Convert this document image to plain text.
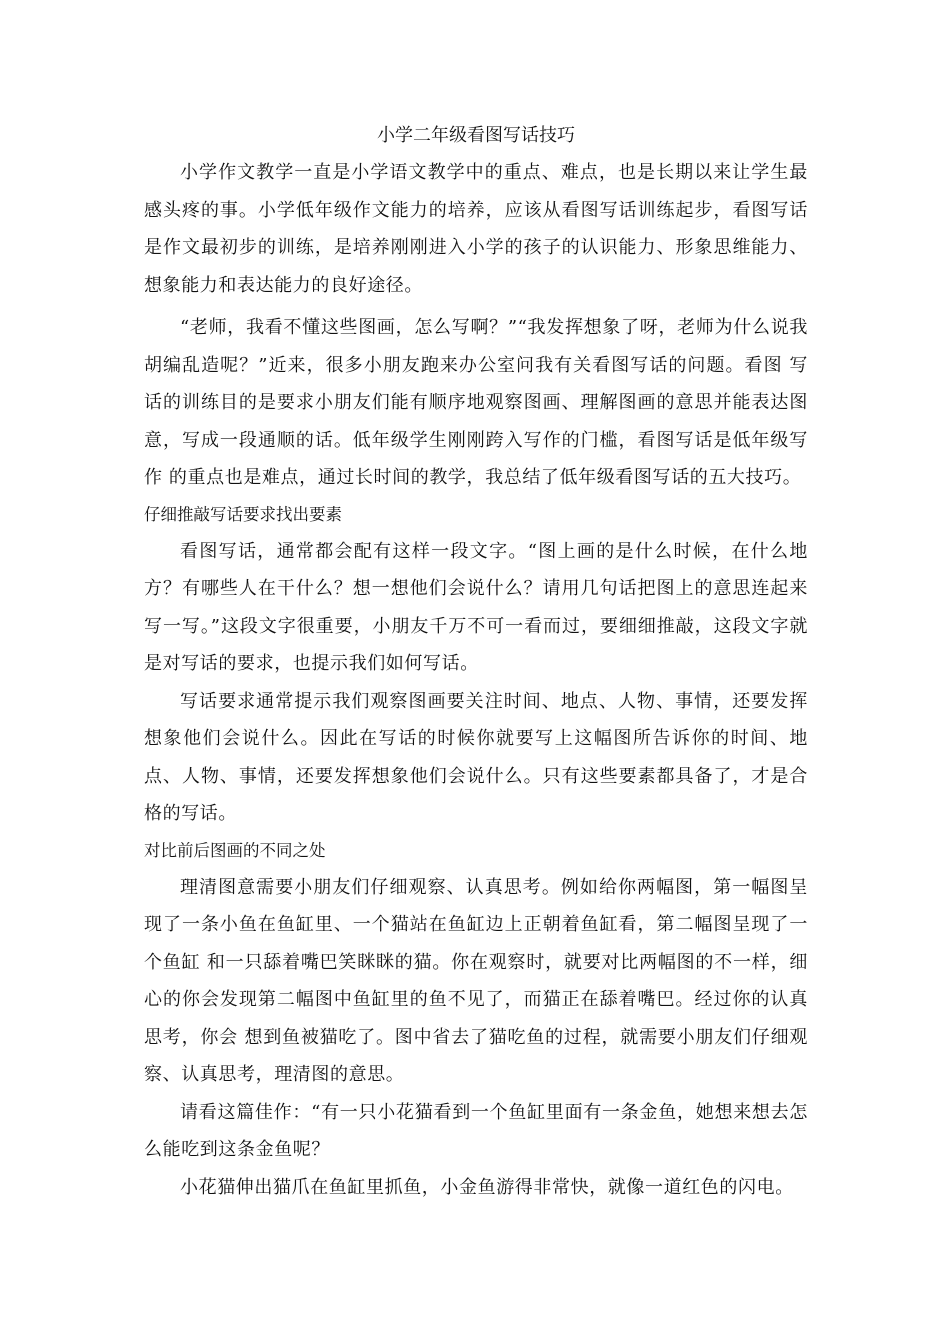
小学二年级看图写话技巧

小学作文教学一直是小学语文教学中的重点、难点，也是长期以来让学生最感头疼的事。小学低年级作文能力的培养，应该从看图写话训练起步，看图写话是作文最初步的训练，是培养刚刚进入小学的孩子的认识能力、形象思维能力、想象能力和表达能力的良好途径。

“老师，我看不懂这些图画，怎么写啊？”“我发挥想象了呀，老师为什么说我胡编乱造呢？”近来，很多小朋友跑来办公室问我有关看图写话的问题。看图 写话的训练目的是要求小朋友们能有顺序地观察图画、理解图画的意思并能表达图意，写成一段通顺的话。低年级学生刚刚跨入写作的门槛，看图写话是低年级写作 的重点也是难点，通过长时间的教学，我总结了低年级看图写话的五大技巧。

仔细推敲写话要求找出要素

看图写话，通常都会配有这样一段文字。“图上画的是什么时候，在什么地方？有哪些人在干什么？想一想他们会说什么？请用几句话把图上的意思连起来写一写。”这段文字很重要，小朋友千万不可一看而过，要细细推敲，这段文字就是对写话的要求，也提示我们如何写话。

写话要求通常提示我们观察图画要关注时间、地点、人物、事情，还要发挥想象他们会说什么。因此在写话的时候你就要写上这幅图所告诉你的时间、地点、人物、事情，还要发挥想象他们会说什么。只有这些要素都具备了，才是合格的写话。

对比前后图画的不同之处

理清图意需要小朋友们仔细观察、认真思考。例如给你两幅图，第一幅图呈现了一条小鱼在鱼缸里、一个猫站在鱼缸边上正朝着鱼缸看，第二幅图呈现了一个鱼缸 和一只舔着嘴巴笑眯眯的猫。你在观察时，就要对比两幅图的不一样，细心的你会发现第二幅图中鱼缸里的鱼不见了，而猫正在舔着嘴巴。经过你的认真思考，你会 想到鱼被猫吃了。图中省去了猫吃鱼的过程，就需要小朋友们仔细观察、认真思考，理清图的意思。

请看这篇佳作：“有一只小花猫看到一个鱼缸里面有一条金鱼，她想来想去怎么能吃到这条金鱼呢？

小花猫伸出猫爪在鱼缸里抓鱼，小金鱼游得非常快，就像一道红色的闪电。
